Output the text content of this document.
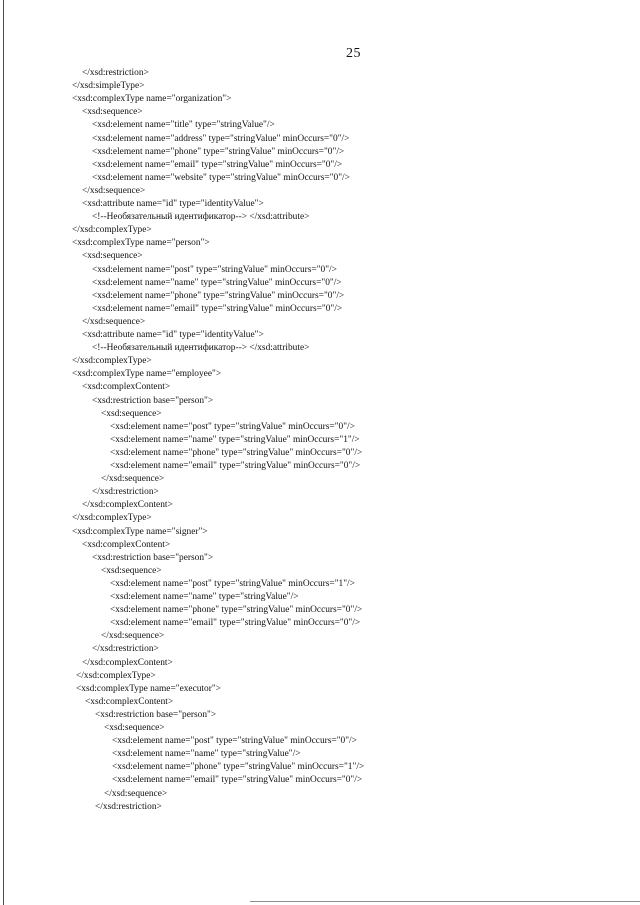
25
</xsd:restriction>
</xsd:simpleType>
<xsd:complexType name="organization">
<xsd:sequence>
<xsd:element name="title" type="stringValue"/>
<xsd:element name="address" type="stringValue" minOccurs="0"/>
<xsd:element name="phone" type="stringValue" minOccurs="0"/>
<xsd:element name="email" type="stringValue" minOccurs="0"/>
<xsd:element name="website" type="stringValue" minOccurs="0"/>
</xsd:sequence>
<xsd:attribute name="id" type="identityValue">
<!--Необязательный идентификатор--> </xsd:attribute>
</xsd:complexType>
<xsd:complexType name="person">
<xsd:sequence>
<xsd:element name="post" type="stringValue" minOccurs="0"/>
<xsd:element name="name" type="stringValue" minOccurs="0"/>
<xsd:element name="phone" type="stringValue" minOccurs="0"/>
<xsd:element name="email" type="stringValue" minOccurs="0"/>
</xsd:sequence>
<xsd:attribute name="id" type="identityValue">
<!--Необязательный идентификатор--> </xsd:attribute>
</xsd:complexType>
<xsd:complexType name="employee">
<xsd:complexContent>
<xsd:restriction base="person">
<xsd:sequence>
<xsd:element name="post" type="stringValue" minOccurs="0"/>
<xsd:element name="name" type="stringValue" minOccurs="1"/>
<xsd:element name="phone" type="stringValue" minOccurs="0"/>
<xsd:element name="email" type="stringValue" minOccurs="0"/>
</xsd:sequence>
</xsd:restriction>
</xsd:complexContent>
</xsd:complexType>
<xsd:complexType name="signer">
<xsd:complexContent>
<xsd:restriction base="person">
<xsd:sequence>
<xsd:element name="post" type="stringValue" minOccurs="1"/>
<xsd:element name="name" type="stringValue"/>
<xsd:element name="phone" type="stringValue" minOccurs="0"/>
<xsd:element name="email" type="stringValue" minOccurs="0"/>
</xsd:sequence>
</xsd:restriction>
</xsd:complexContent>
</xsd:complexType>
<xsd:complexType name="executor">
<xsd:complexContent>
<xsd:restriction base="person">
<xsd:sequence>
<xsd:element name="post" type="stringValue" minOccurs="0"/>
<xsd:element name="name" type="stringValue"/>
<xsd:element name="phone" type="stringValue" minOccurs="1"/>
<xsd:element name="email" type="stringValue" minOccurs="0"/>
</xsd:sequence>
</xsd:restriction>
